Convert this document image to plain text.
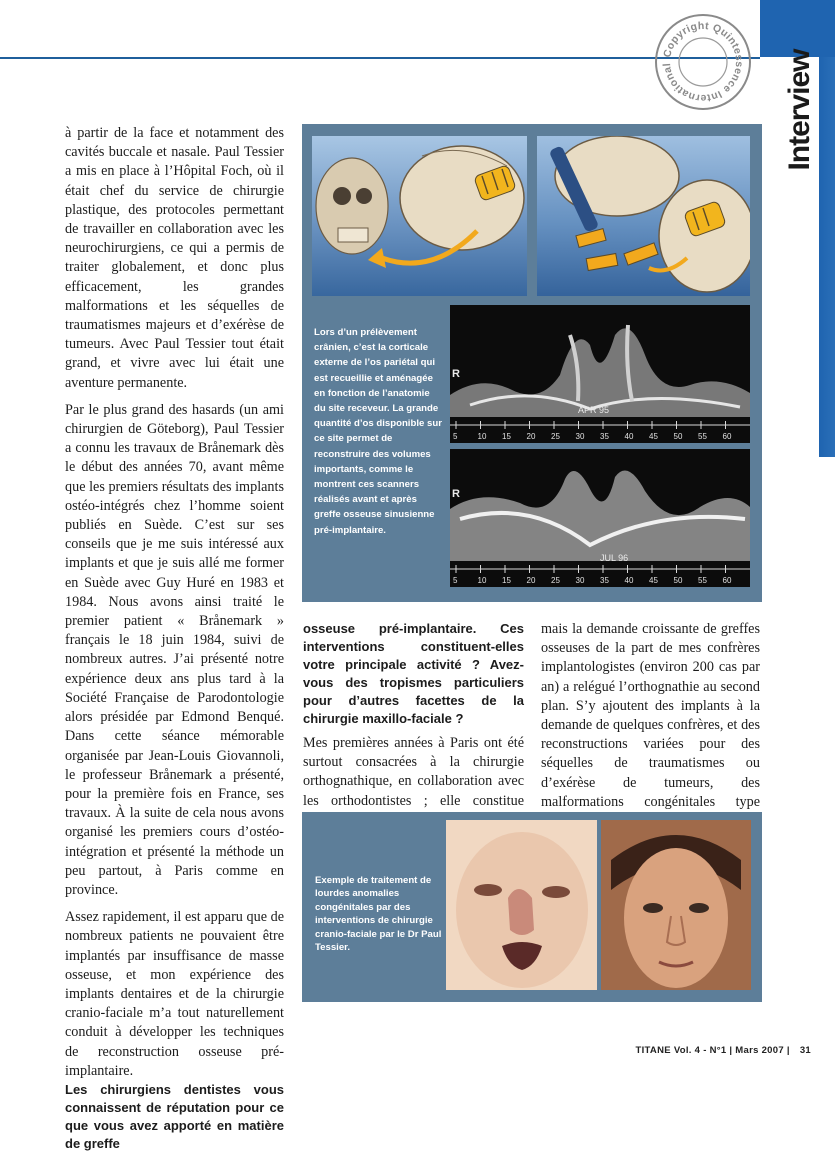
Interview
Copyright Quintessence International

à partir de la face et notamment des cavités buccale et nasale. Paul Tessier a mis en place à l’Hôpital Foch, où il était chef du service de chirurgie plastique, des protocoles permettant de travailler en collaboration avec les neurochirurgiens, ce qui a permis de traiter globalement, et donc plus efficacement, les grandes malformations et les séquelles de traumatismes majeurs et d’exérèse de tumeurs. Avec Paul Tessier tout était grand, et vivre avec lui était une aventure permanente.

Par le plus grand des hasards (un ami chirurgien de Göteborg), Paul Tessier a connu les travaux de Brånemark dès le début des années 70, avant même que les premiers résultats des implants ostéo-intégrés chez l’homme soient publiés en Suède. C’est sur ses conseils que je me suis intéressé aux implants et que je suis allé me former en Suède avec Guy Huré en 1983 et 1984. Nous avons ainsi traité le premier patient « Brånemark » français le 18 juin 1984, suivi de nombreux autres. J’ai présenté notre expérience deux ans plus tard à la Société Française de Parodontologie alors présidée par Edmond Benqué. Dans cette séance mémorable organisée par Jean-Louis Giovannoli, le professeur Brånemark a présenté, pour la première fois en France, ses travaux. À la suite de cela nous avons organisé les premiers cours d’ostéo-intégration et présenté la méthode un peu partout, à Paris comme en province.

Assez rapidement, il est apparu que de nombreux patients ne pouvaient être implantés par insuffisance de masse osseuse, et mon expérience des implants dentaires et de la chirurgie cranio-faciale m’a tout naturellement conduit à développer les techniques de reconstruction osseuse pré-implantaire.

Les chirurgiens dentistes vous connaissent de réputation pour ce que vous avez apporté en matière de greffe

Lors d’un prélèvement crânien, c’est la corticale externe de l’os pariétal qui est recueillie et aménagée en fonction de l’anatomie du site receveur. La grande quantité d’os disponible sur ce site permet de reconstruire des volumes importants, comme le montrent ces scanners réalisés avant et après greffe osseuse sinusienne pré-implantaire.
R
APR 95
5	10 15 20 25 30 35 40 45 50 55 60
R
JUL 96
5	10 15 20 25 30 35 40 45 50 55 60

osseuse pré-implantaire. Ces interventions constituent-elles votre principale activité ? Avez-vous des tropismes particuliers pour d’autres facettes de la chirurgie maxillo-faciale ?

Mes premières années à Paris ont été surtout consacrées à la chirurgie orthognathique, en collaboration avec les orthodontistes ; elle constitue

mais la demande croissante de greffes osseuses de la part de mes confrères implantologistes (environ 200 cas par an) a relégué l’orthognathie au second plan. S’y ajoutent des implants à la demande de quelques confrères, et des reconstructions variées pour des séquelles de traumatismes ou d’exérèse de tumeurs, des malformations congénitales type

Exemple de traitement de lourdes anomalies congénitales par des interventions de chirurgie cranio-faciale par le Dr Paul Tessier.
TITANE Vol. 4 - N°1 | Mars 2007 | 31
